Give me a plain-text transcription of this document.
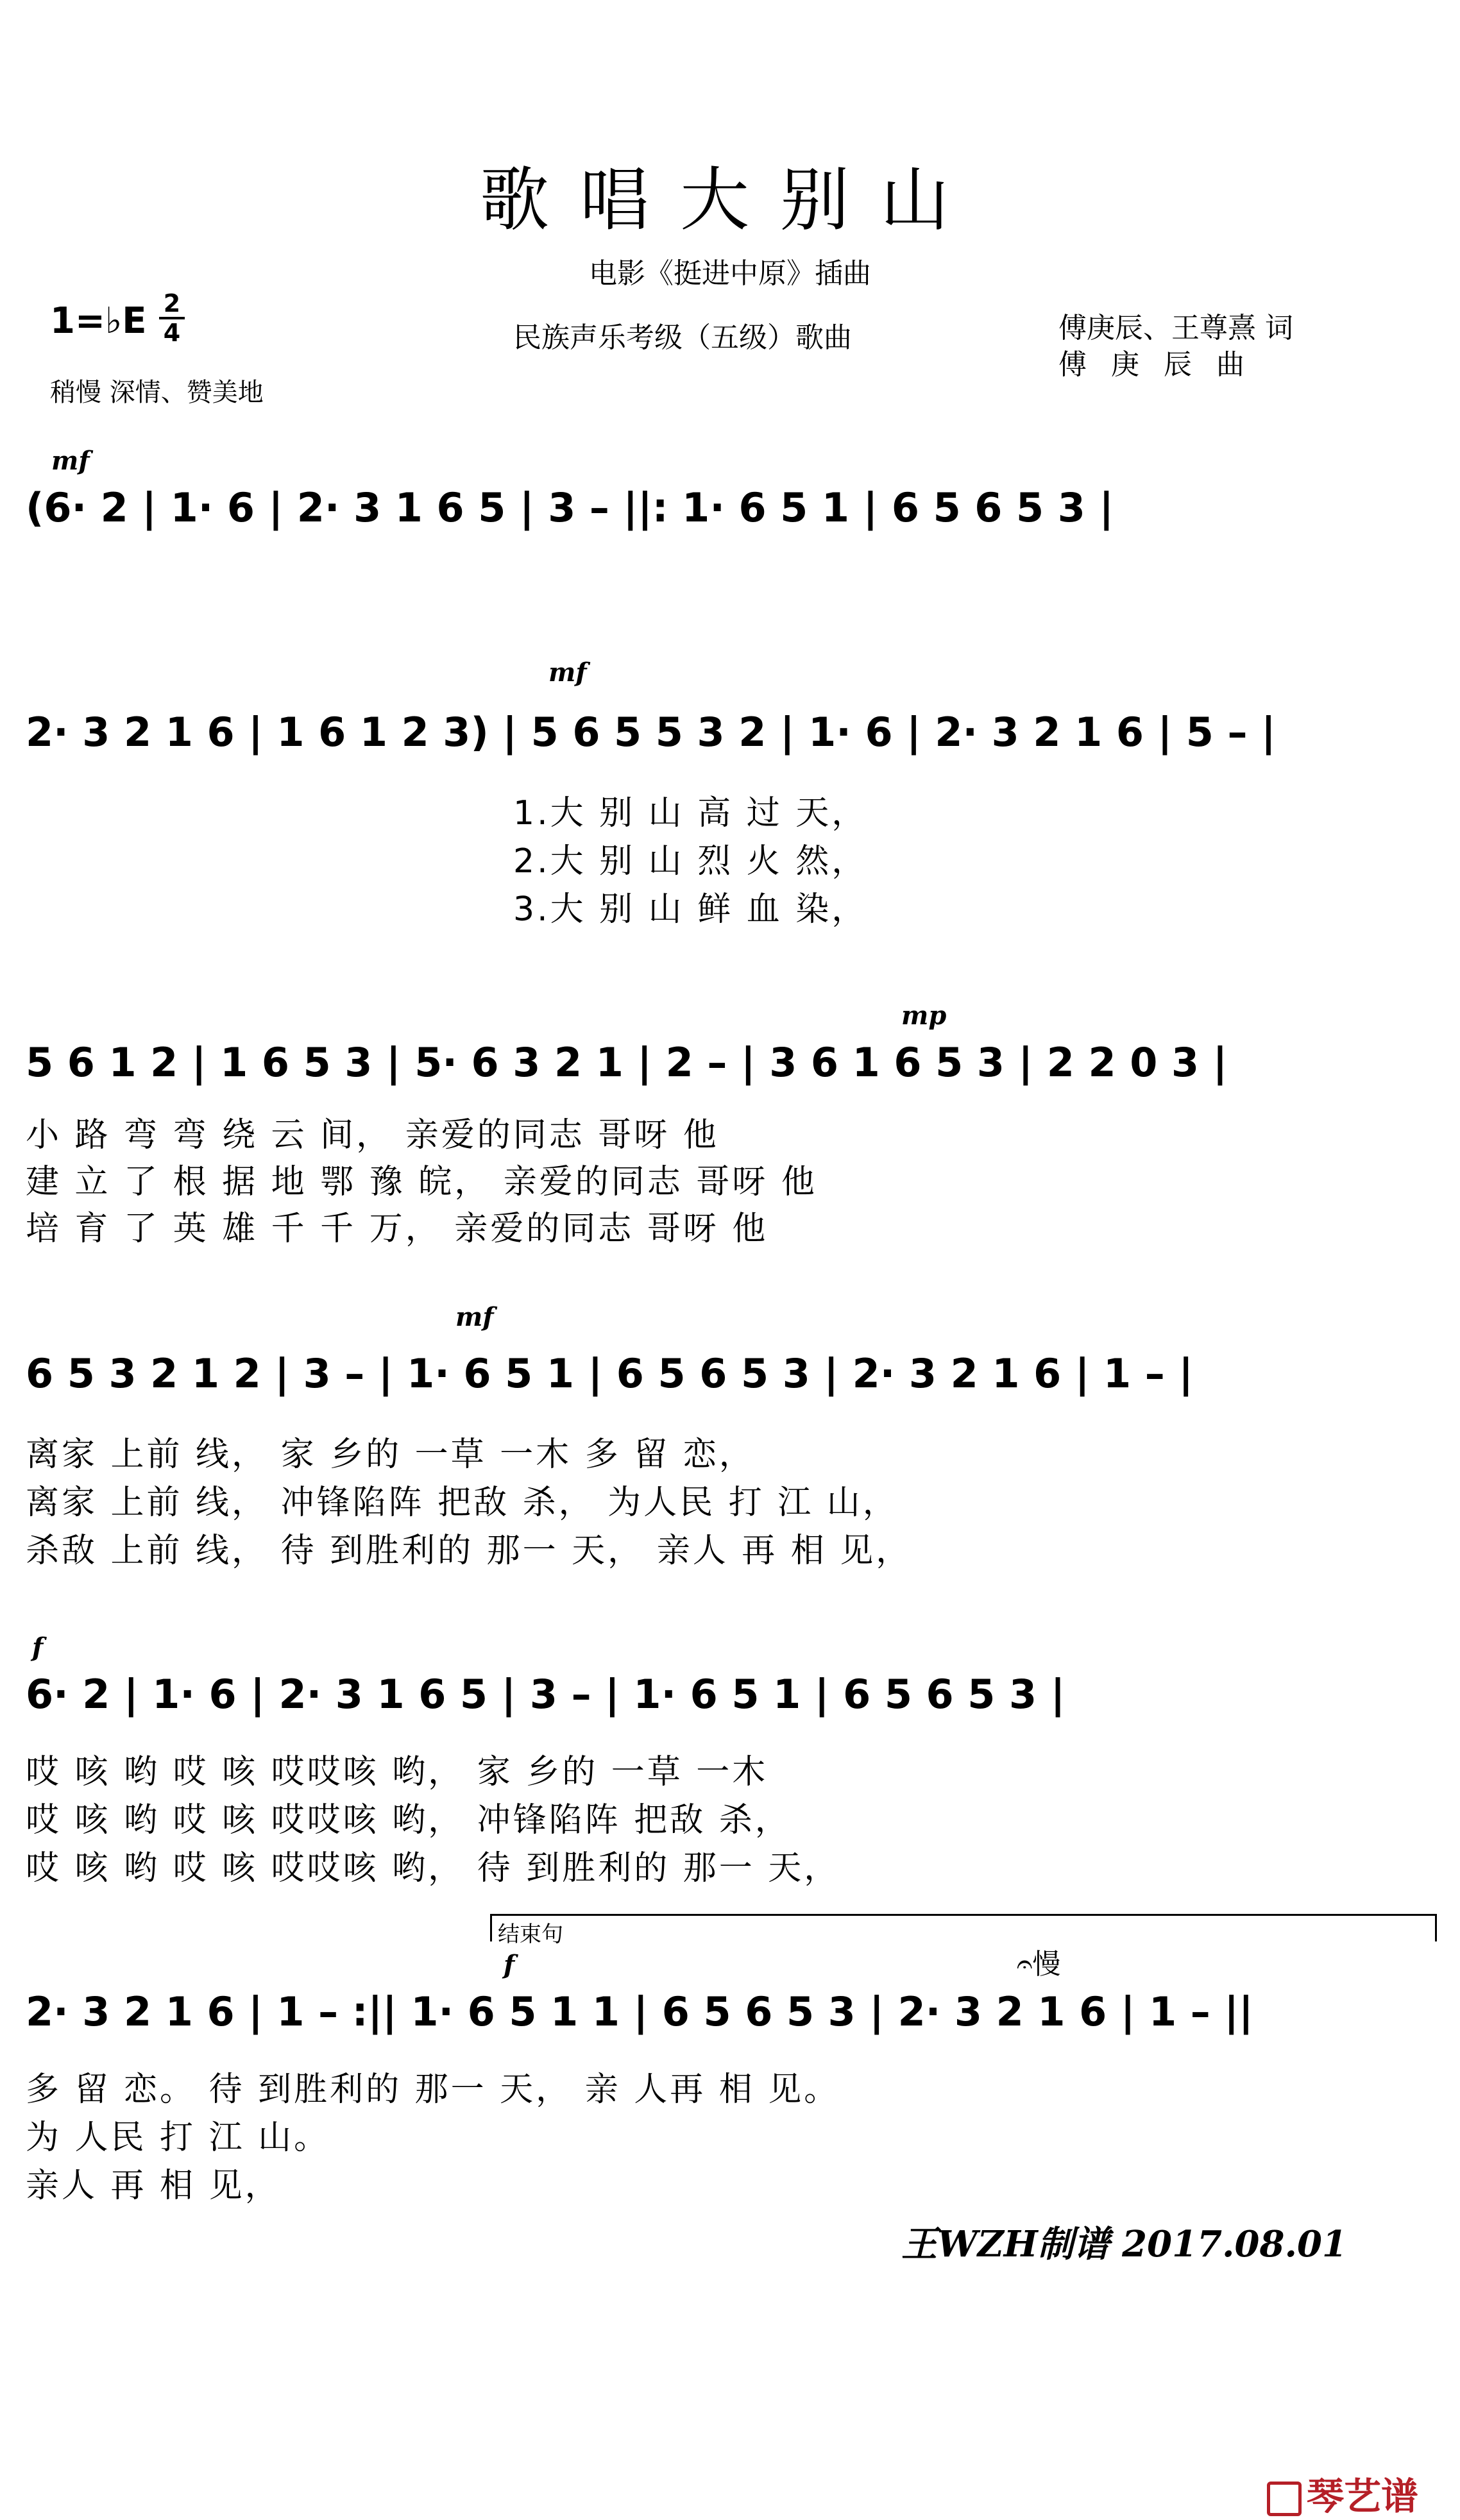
歌唱大别山
电影《挺进中原》插曲
民族声乐考级（五级）歌曲	傅庚辰、王尊熹 词
傅 庚 辰 曲
1=♭E 2
4
稍慢 深情、赞美地
mf
(6· 2 | 1· 6 | 2· 3 1 6 5 | 3 – ||: 1· 6 5 1 | 6 5 6 5 3 |
mf
2· 3 2 1 6 | 1 6 1 2 3) | 5 6 5 5 3 2 | 1· 6 | 2· 3 2 1 6 | 5 – |
1.大 别 山 高 过 天，
2.大 别 山 烈 火 然，
3.大 别 山 鲜 血 染，
mp
5 6 1 2 | 1 6 5 3 | 5· 6 3 2 1 | 2 – | 3 6 1 6 5 3 | 2 2 0 3 |
小 路 弯 弯 绕 云 间， 亲爱的同志 哥呀 他
建 立 了 根 据 地 鄂 豫 皖， 亲爱的同志 哥呀 他
培 育 了 英 雄 千 千 万， 亲爱的同志 哥呀 他
mf
6 5 3 2 1 2 | 3 – | 1· 6 5 1 | 6 5 6 5 3 | 2· 3 2 1 6 | 1 – |
离家 上前 线， 家 乡的 一草 一木 多 留 恋，
离家 上前 线， 冲锋陷阵 把敌 杀， 为人民 打 江 山，
杀敌 上前 线， 待 到胜利的 那一 天， 亲人 再 相 见，
f
6· 2 | 1· 6 | 2· 3 1 6 5 | 3 – | 1· 6 5 1 | 6 5 6 5 3 |
哎 咳 哟 哎 咳 哎哎咳 哟， 家 乡的 一草 一木
哎 咳 哟 哎 咳 哎哎咳 哟， 冲锋陷阵 把敌 杀，
哎 咳 哟 哎 咳 哎哎咳 哟， 待 到胜利的 那一 天，
结束句
f	𝄐慢
2· 3 2 1 6 | 1 – :|| 1· 6 5 1 1 | 6 5 6 5 3 | 2· 3 2 1 6 | 1 – ||
多 留 恋。 待 到胜利的 那一 天， 亲 人再 相 见。
为 人民 打 江 山。
亲人 再 相 见，
王WZH制谱 2017.08.01
琴艺谱
